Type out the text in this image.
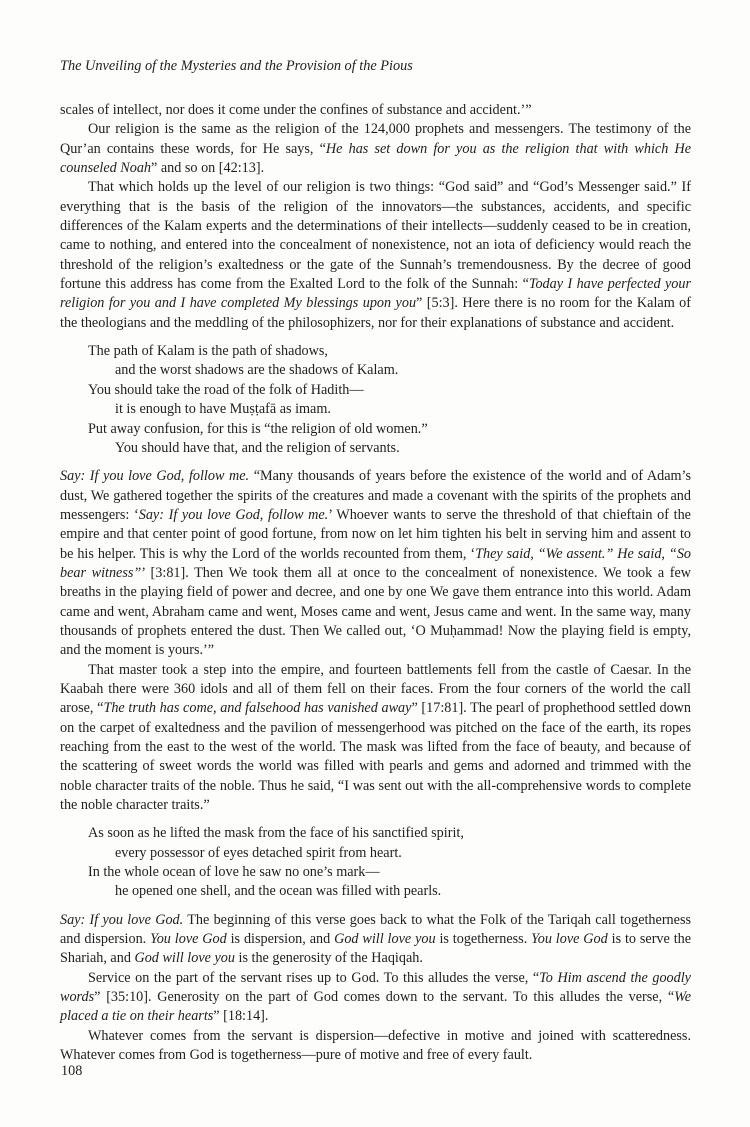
The Unveiling of the Mysteries and the Provision of the Pious

scales of intellect, nor does it come under the confines of substance and accident.’”

Our religion is the same as the religion of the 124,000 prophets and messengers. The testimony of the Qur’an contains these words, for He says, “He has set down for you as the religion that with which He counseled Noah” and so on [42:13].

That which holds up the level of our religion is two things: “God said” and “God’s Messenger said.” If everything that is the basis of the religion of the innovators—the substances, accidents, and specific differences of the Kalam experts and the determinations of their intellects—suddenly ceased to be in creation, came to nothing, and entered into the concealment of nonexistence, not an iota of deficiency would reach the threshold of the religion’s exaltedness or the gate of the Sunnah’s tremendousness. By the decree of good fortune this address has come from the Exalted Lord to the folk of the Sunnah: “Today I have perfected your religion for you and I have completed My blessings upon you” [5:3]. Here there is no room for the Kalam of the theologians and the meddling of the philosophizers, nor for their explanations of substance and accident.

The path of Kalam is the path of shadows,
and the worst shadows are the shadows of Kalam.
You should take the road of the folk of Hadith—
it is enough to have Muṣṭafā as imam.
Put away confusion, for this is “the religion of old women.”
You should have that, and the religion of servants.

Say: If you love God, follow me. “Many thousands of years before the existence of the world and of Adam’s dust, We gathered together the spirits of the creatures and made a covenant with the spirits of the prophets and messengers: ‘Say: If you love God, follow me.’ Whoever wants to serve the threshold of that chieftain of the empire and that center point of good fortune, from now on let him tighten his belt in serving him and assent to be his helper. This is why the Lord of the worlds recounted from them, ‘They said, “We assent.” He said, “So bear witness”’ [3:81]. Then We took them all at once to the concealment of nonexistence. We took a few breaths in the playing field of power and decree, and one by one We gave them entrance into this world. Adam came and went, Abraham came and went, Moses came and went, Jesus came and went. In the same way, many thousands of prophets entered the dust. Then We called out, ‘O Muḥammad! Now the playing field is empty, and the moment is yours.’”

That master took a step into the empire, and fourteen battlements fell from the castle of Caesar. In the Kaabah there were 360 idols and all of them fell on their faces. From the four corners of the world the call arose, “The truth has come, and falsehood has vanished away” [17:81]. The pearl of prophethood settled down on the carpet of exaltedness and the pavilion of messengerhood was pitched on the face of the earth, its ropes reaching from the east to the west of the world. The mask was lifted from the face of beauty, and because of the scattering of sweet words the world was filled with pearls and gems and adorned and trimmed with the noble character traits of the noble. Thus he said, “I was sent out with the all-comprehensive words to complete the noble character traits.”

As soon as he lifted the mask from the face of his sanctified spirit,
every possessor of eyes detached spirit from heart.
In the whole ocean of love he saw no one’s mark—
he opened one shell, and the ocean was filled with pearls.

Say: If you love God. The beginning of this verse goes back to what the Folk of the Tariqah call togetherness and dispersion. You love God is dispersion, and God will love you is togetherness. You love God is to serve the Shariah, and God will love you is the generosity of the Haqiqah.

Service on the part of the servant rises up to God. To this alludes the verse, “To Him ascend the goodly words” [35:10]. Generosity on the part of God comes down to the servant. To this alludes the verse, “We placed a tie on their hearts” [18:14].

Whatever comes from the servant is dispersion—defective in motive and joined with scatteredness. Whatever comes from God is togetherness—pure of motive and free of every fault.

108
